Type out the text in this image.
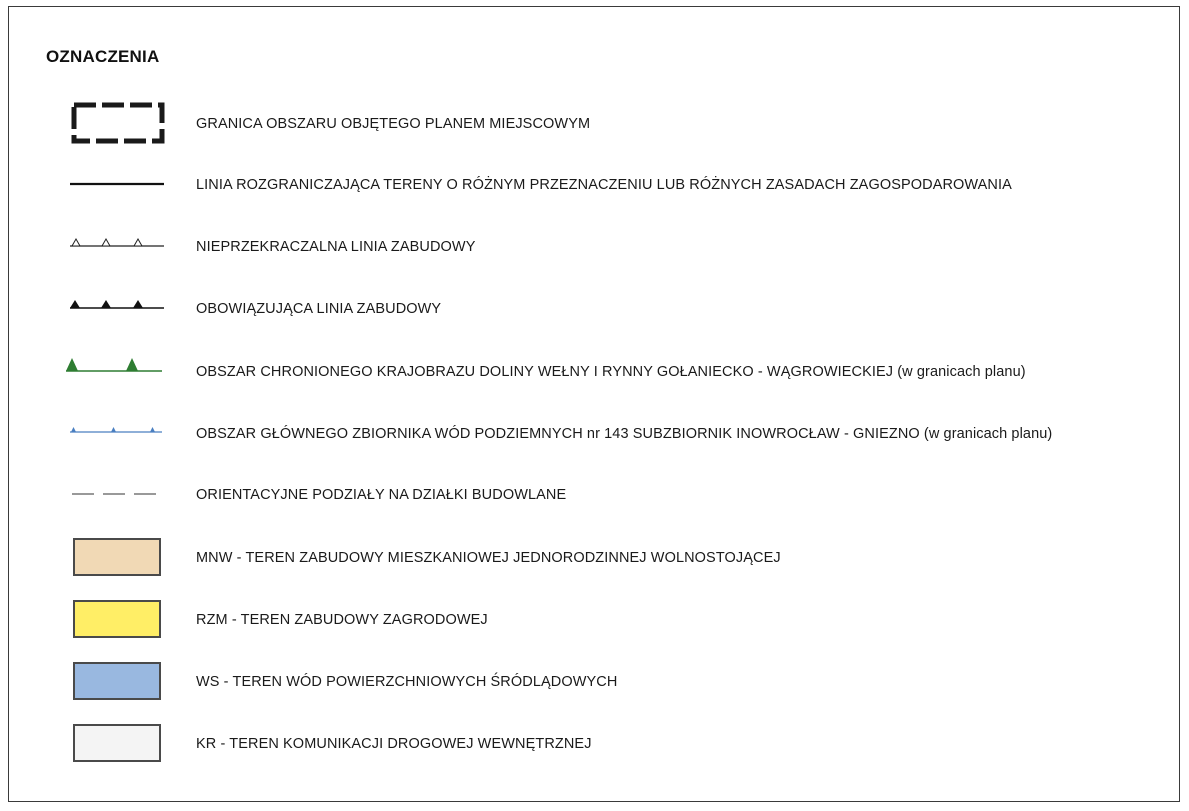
OZNACZENIA
GRANICA OBSZARU OBJĘTEGO PLANEM MIEJSCOWYM
LINIA ROZGRANICZAJĄCA TERENY O RÓŻNYM PRZEZNACZENIU LUB RÓŻNYCH ZASADACH ZAGOSPODAROWANIA
NIEPRZEKRACZALNA LINIA ZABUDOWY
OBOWIĄZUJĄCA LINIA ZABUDOWY
OBSZAR CHRONIONEGO KRAJOBRAZU DOLINY WEŁNY I RYNNY GOŁANIECKO - WĄGROWIECKIEJ (w granicach planu)
OBSZAR GŁÓWNEGO ZBIORNIKA WÓD PODZIEMNYCH nr 143 SUBZBIORNIK INOWROCŁAW - GNIEZNO (w granicach planu)
ORIENTACYJNE PODZIAŁY NA DZIAŁKI BUDOWLANE
MNW - TEREN ZABUDOWY MIESZKANIOWEJ JEDNORODZINNEJ WOLNOSTOJĄCEJ
RZM - TEREN ZABUDOWY ZAGRODOWEJ
WS - TEREN WÓD POWIERZCHNIOWYCH ŚRÓDLĄDOWYCH
KR - TEREN KOMUNIKACJI DROGOWEJ WEWNĘTRZNEJ
